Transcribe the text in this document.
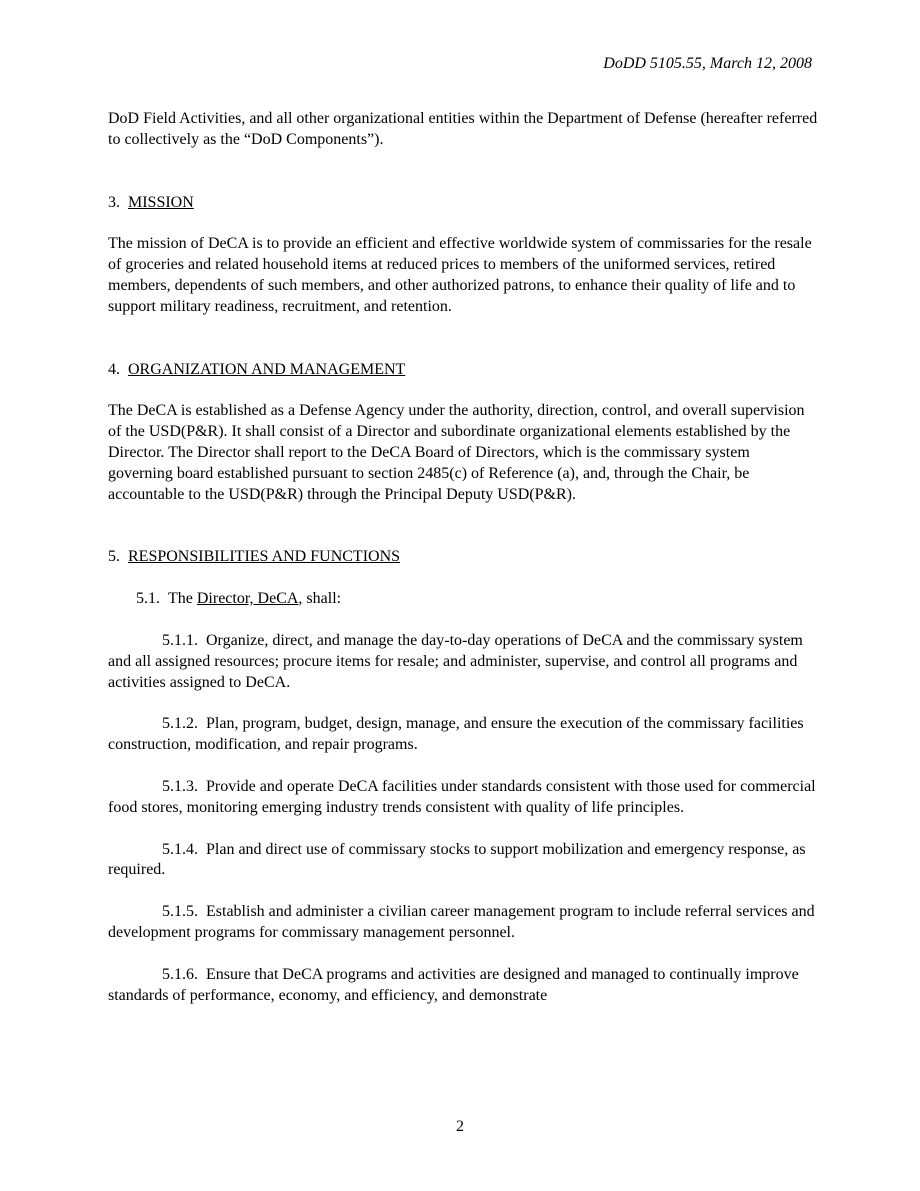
DoDD 5105.55, March 12, 2008

DoD Field Activities, and all other organizational entities within the Department of Defense (hereafter referred to collectively as the “DoD Components”).

3. MISSION

The mission of DeCA is to provide an efficient and effective worldwide system of commissaries for the resale of groceries and related household items at reduced prices to members of the uniformed services, retired members, dependents of such members, and other authorized patrons, to enhance their quality of life and to support military readiness, recruitment, and retention.

4. ORGANIZATION AND MANAGEMENT

The DeCA is established as a Defense Agency under the authority, direction, control, and overall supervision of the USD(P&R). It shall consist of a Director and subordinate organizational elements established by the Director. The Director shall report to the DeCA Board of Directors, which is the commissary system governing board established pursuant to section 2485(c) of Reference (a), and, through the Chair, be accountable to the USD(P&R) through the Principal Deputy USD(P&R).

5. RESPONSIBILITIES AND FUNCTIONS

5.1. The Director, DeCA, shall:

5.1.1. Organize, direct, and manage the day-to-day operations of DeCA and the commissary system and all assigned resources; procure items for resale; and administer, supervise, and control all programs and activities assigned to DeCA.

5.1.2. Plan, program, budget, design, manage, and ensure the execution of the commissary facilities construction, modification, and repair programs.

5.1.3. Provide and operate DeCA facilities under standards consistent with those used for commercial food stores, monitoring emerging industry trends consistent with quality of life principles.

5.1.4. Plan and direct use of commissary stocks to support mobilization and emergency response, as required.

5.1.5. Establish and administer a civilian career management program to include referral services and development programs for commissary management personnel.

5.1.6. Ensure that DeCA programs and activities are designed and managed to continually improve standards of performance, economy, and efficiency, and demonstrate

2
